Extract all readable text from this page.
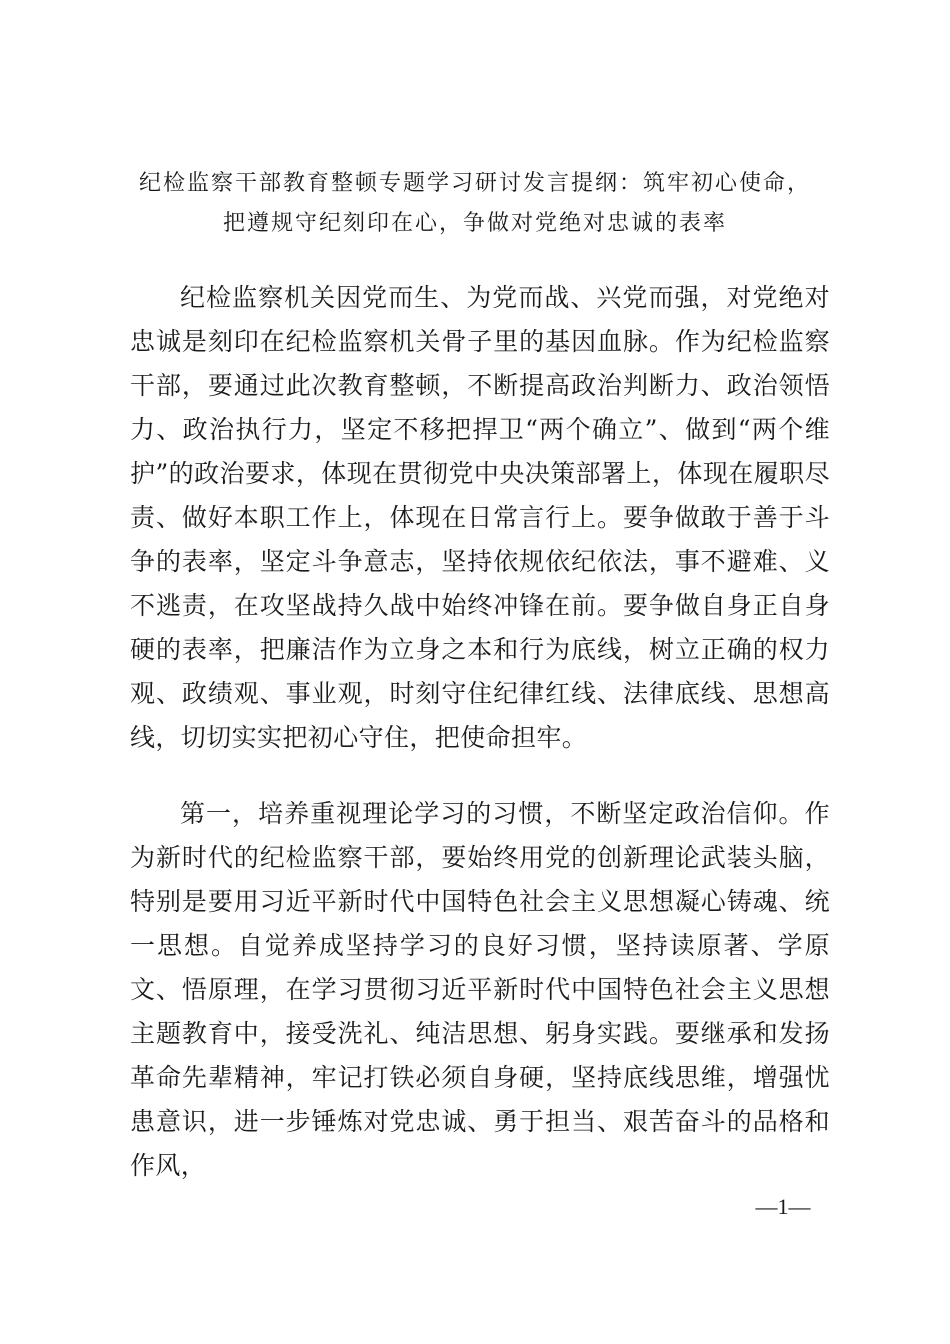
纪检监察干部教育整顿专题学习研讨发言提纲：筑牢初心使命，
把遵规守纪刻印在心，争做对党绝对忠诚的表率

纪检监察机关因党而生、为党而战、兴党而强，对党绝对忠诚是刻印在纪检监察机关骨子里的基因血脉。作为纪检监察干部，要通过此次教育整顿，不断提高政治判断力、政治领悟力、政治执行力，坚定不移把捍卫“两个确立”、做到“两个维护”的政治要求，体现在贯彻党中央决策部署上，体现在履职尽责、做好本职工作上，体现在日常言行上。要争做敢于善于斗争的表率，坚定斗争意志，坚持依规依纪依法，事不避难、义不逃责，在攻坚战持久战中始终冲锋在前。要争做自身正自身硬的表率，把廉洁作为立身之本和行为底线，树立正确的权力观、政绩观、事业观，时刻守住纪律红线、法律底线、思想高线，切切实实把初心守住，把使命担牢。

第一，培养重视理论学习的习惯，不断坚定政治信仰。作为新时代的纪检监察干部，要始终用党的创新理论武装头脑，特别是要用习近平新时代中国特色社会主义思想凝心铸魂、统一思想。自觉养成坚持学习的良好习惯，坚持读原著、学原文、悟原理，在学习贯彻习近平新时代中国特色社会主义思想主题教育中，接受洗礼、纯洁思想、躬身实践。要继承和发扬革命先辈精神，牢记打铁必须自身硬，坚持底线思维，增强忧患意识，进一步锤炼对党忠诚、勇于担当、艰苦奋斗的品格和作风，

—1—
